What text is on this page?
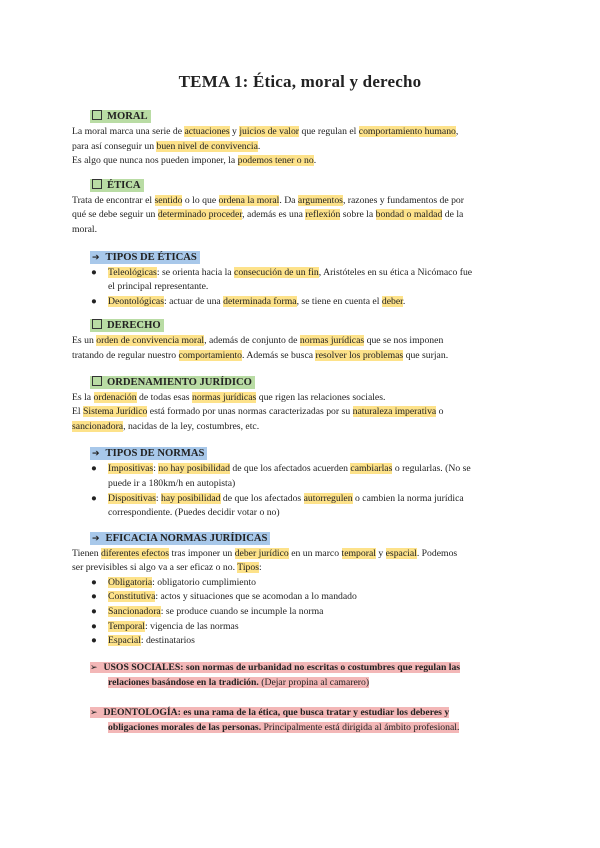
TEMA 1: Ética, moral y derecho
MORAL

La moral marca una serie de actuaciones y juicios de valor que regulan el comportamiento humano,

para así conseguir un buen nivel de convivencia.

Es algo que nunca nos pueden imponer, la podemos tener o no.

ÉTICA

Trata de encontrar el sentido o lo que ordena la moral. Da argumentos, razones y fundamentos de por

qué se debe seguir un determinado proceder, además es una reflexión sobre la bondad o maldad de la

moral.

➔ TIPOS DE ÉTICAS
● Teleológicas: se orienta hacia la consecución de un fin, Aristóteles en su ética a Nicómaco fue
el principal representante.
● Deontológicas: actuar de una determinada forma, se tiene en cuenta el deber.
DERECHO

Es un orden de convivencia moral, además de conjunto de normas jurídicas que se nos imponen

tratando de regular nuestro comportamiento. Además se busca resolver los problemas que surjan.

ORDENAMIENTO JURÍDICO

Es la ordenación de todas esas normas jurídicas que rigen las relaciones sociales.

El Sistema Jurídico está formado por unas normas caracterizadas por su naturaleza imperativa o

sancionadora, nacidas de la ley, costumbres, etc.

➔ TIPOS DE NORMAS
● Impositivas: no hay posibilidad de que los afectados acuerden cambiarlas o regularlas. (No se
puede ir a 180km/h en autopista)
● Dispositivas: hay posibilidad de que los afectados autorregulen o cambien la norma jurídica
correspondiente. (Puedes decidir votar o no)
➔ EFICACIA NORMAS JURÍDICAS

Tienen diferentes efectos tras imponer un deber jurídico en un marco temporal y espacial. Podemos

ser previsibles si algo va a ser eficaz o no. Tipos:

● Obligatoria: obligatorio cumplimiento
● Constitutiva: actos y situaciones que se acomodan a lo mandado
● Sancionadora: se produce cuando se incumple la norma
● Temporal: vigencia de las normas
● Espacial: destinatarios
➢ USOS SOCIALES: son normas de urbanidad no escritas o costumbres que regulan las
relaciones basándose en la tradición. (Dejar propina al camarero)
➢ DEONTOLOGÍA: es una rama de la ética, que busca tratar y estudiar los deberes y
obligaciones morales de las personas. Principalmente está dirigida al ámbito profesional.
